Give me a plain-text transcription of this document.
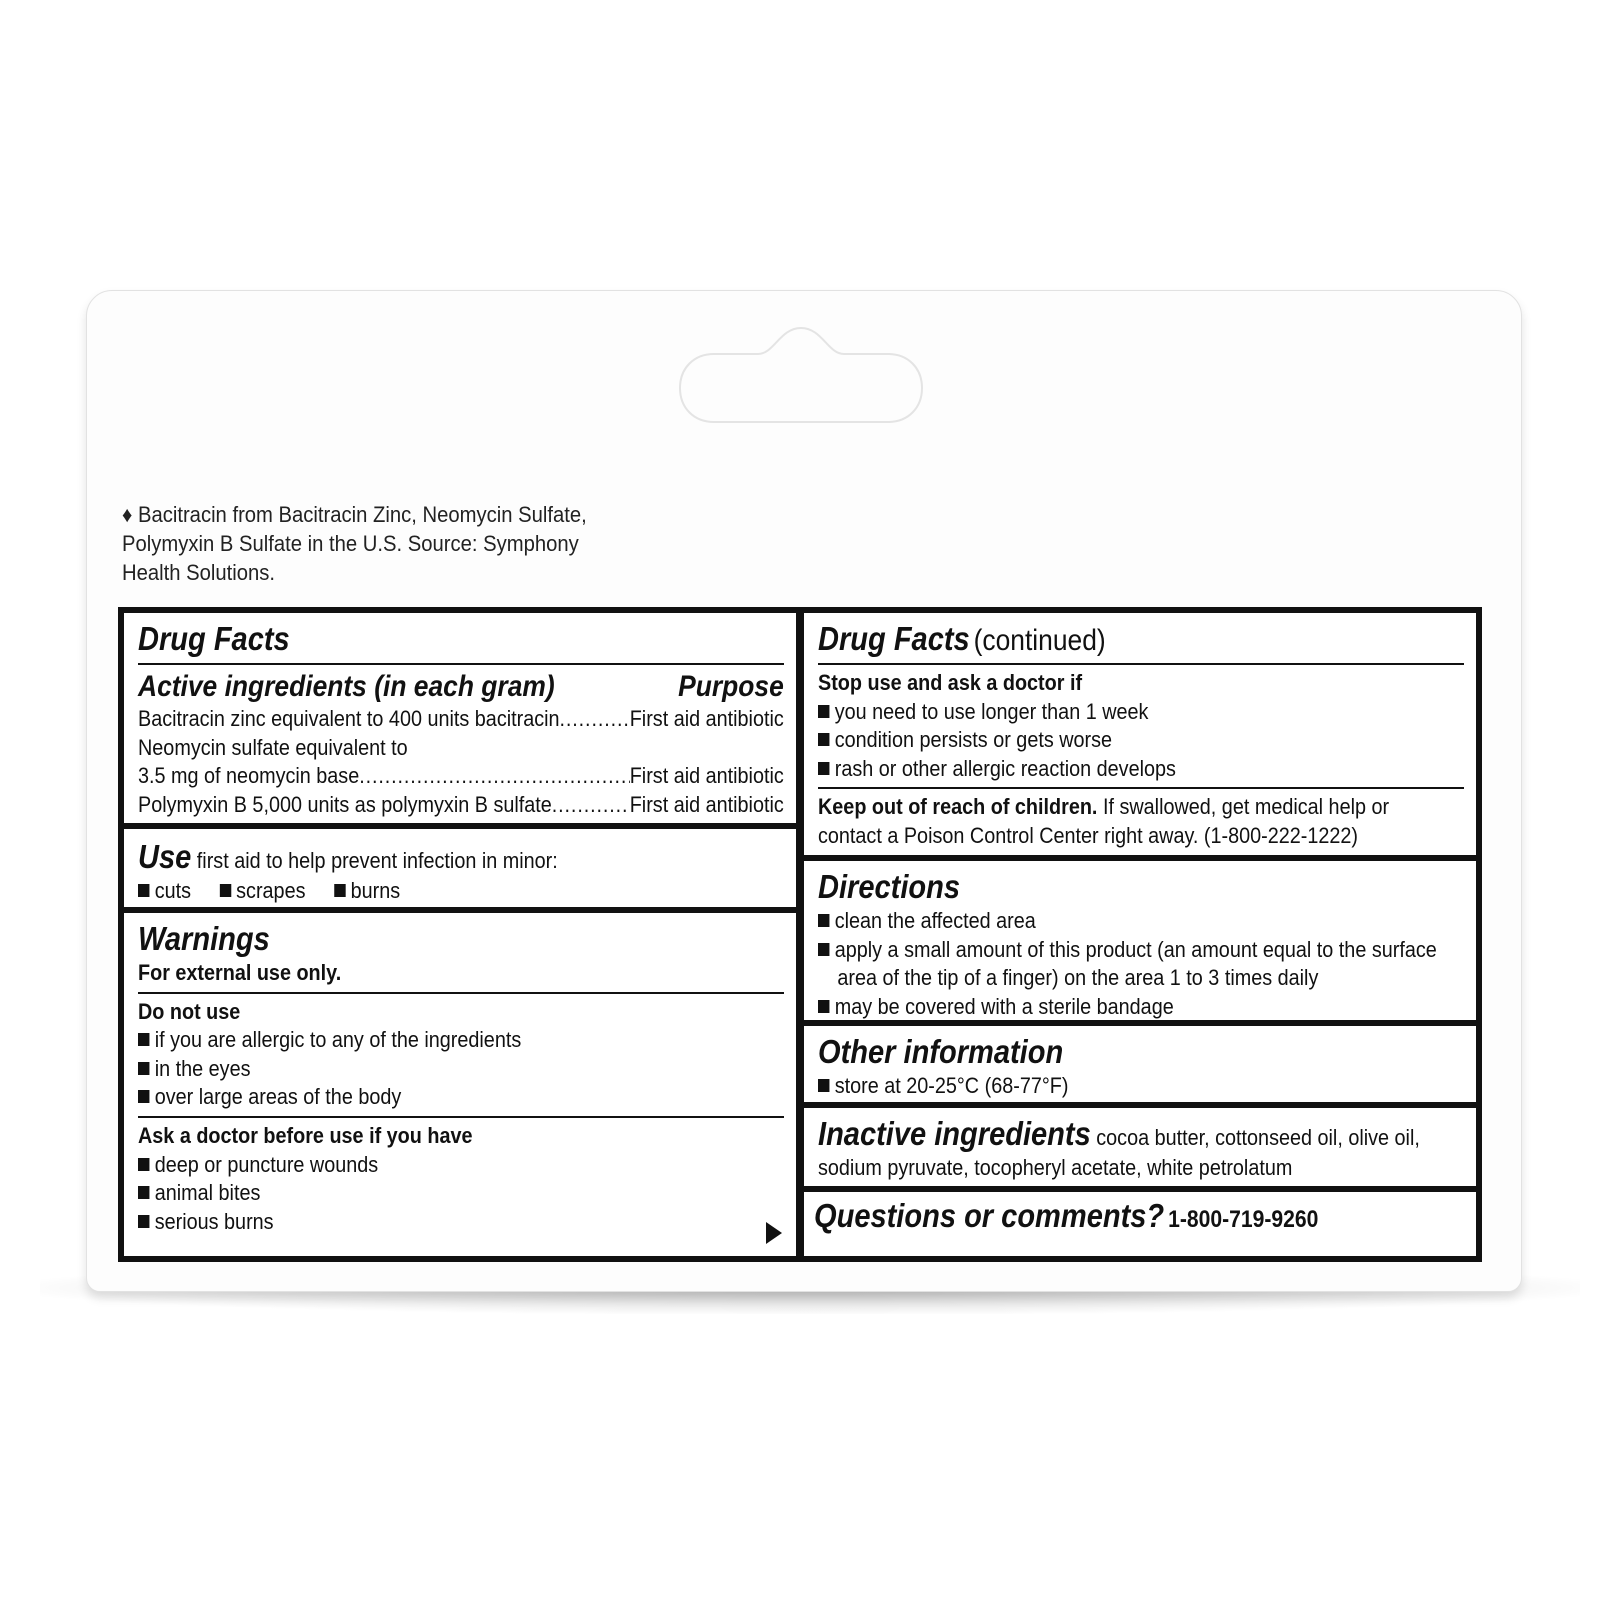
♦ Bacitracin from Bacitracin Zinc, Neomycin Sulfate,
Polymyxin B Sulfate in the U.S. Source: Symphony
Health Solutions.
Drug Facts
Active ingredients (in each gram)	Purpose
Bacitracin zinc equivalent to 400 units bacitracin .....	First aid antibiotic
Neomycin sulfate equivalent to
3.5 mg of neomycin base .....	First aid antibiotic
Polymyxin B 5,000 units as polymyxin B sulfate .....	First aid antibiotic
Use first aid to help prevent infection in minor:
cuts scrapes burns
Warnings
For external use only.
Do not use
if you are allergic to any of the ingredients
in the eyes
over large areas of the body
Ask a doctor before use if you have
deep or puncture wounds
animal bites
serious burns
Drug Facts (continued)
Stop use and ask a doctor if
you need to use longer than 1 week
condition persists or gets worse
rash or other allergic reaction develops
Keep out of reach of children. If swallowed, get medical help or
contact a Poison Control Center right away. (1-800-222-1222)
Directions
clean the affected area
apply a small amount of this product (an amount equal to the surface
area of the tip of a finger) on the area 1 to 3 times daily
may be covered with a sterile bandage
Other information
store at 20-25°C (68-77°F)
Inactive ingredients cocoa butter, cottonseed oil, olive oil,
sodium pyruvate, tocopheryl acetate, white petrolatum
Questions or comments? 1-800-719-9260
